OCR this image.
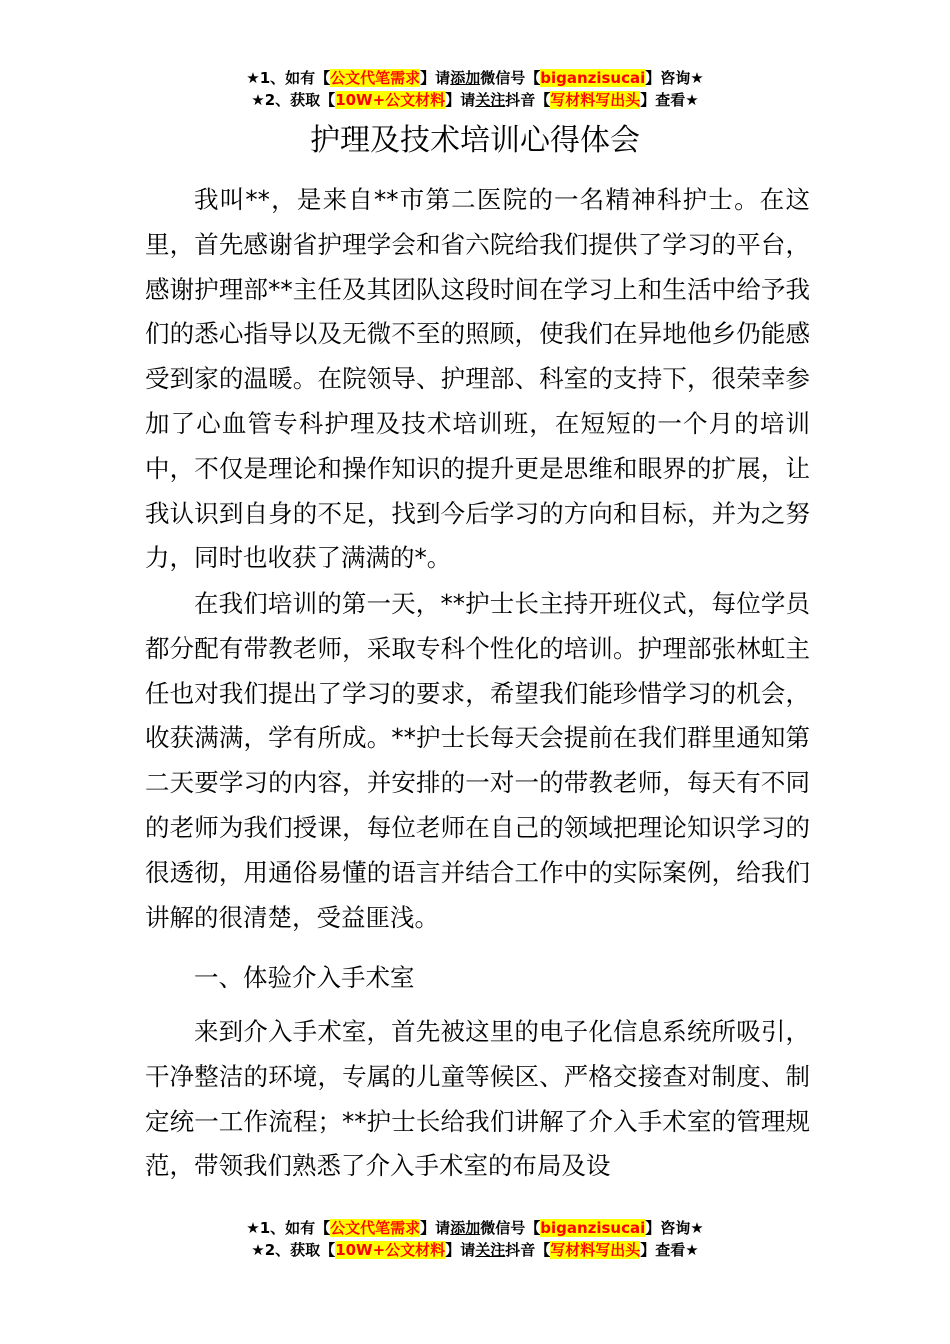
★1、如有【公文代笔需求】请添加微信号【biganzisucai】咨询★
★2、获取【10W+公文材料】请关注抖音【写材料写出头】查看★
护理及技术培训心得体会

我叫**，是来自**市第二医院的一名精神科护士。在这里，首先感谢省护理学会和省六院给我们提供了学习的平台，感谢护理部**主任及其团队这段时间在学习上和生活中给予我们的悉心指导以及无微不至的照顾，使我们在异地他乡仍能感受到家的温暖。在院领导、护理部、科室的支持下，很荣幸参加了心血管专科护理及技术培训班，在短短的一个月的培训中，不仅是理论和操作知识的提升更是思维和眼界的扩展，让我认识到自身的不足，找到今后学习的方向和目标，并为之努力，同时也收获了满满的*。

在我们培训的第一天，**护士长主持开班仪式，每位学员都分配有带教老师，采取专科个性化的培训。护理部张林虹主任也对我们提出了学习的要求，希望我们能珍惜学习的机会，收获满满，学有所成。**护士长每天会提前在我们群里通知第二天要学习的内容，并安排的一对一的带教老师，每天有不同的老师为我们授课，每位老师在自己的领域把理论知识学习的很透彻，用通俗易懂的语言并结合工作中的实际案例，给我们讲解的很清楚，受益匪浅。

一、体验介入手术室

来到介入手术室，首先被这里的电子化信息系统所吸引，干净整洁的环境，专属的儿童等候区、严格交接查对制度、制定统一工作流程；**护士长给我们讲解了介入手术室的管理规范，带领我们熟悉了介入手术室的布局及设

★1、如有【公文代笔需求】请添加微信号【biganzisucai】咨询★
★2、获取【10W+公文材料】请关注抖音【写材料写出头】查看★
